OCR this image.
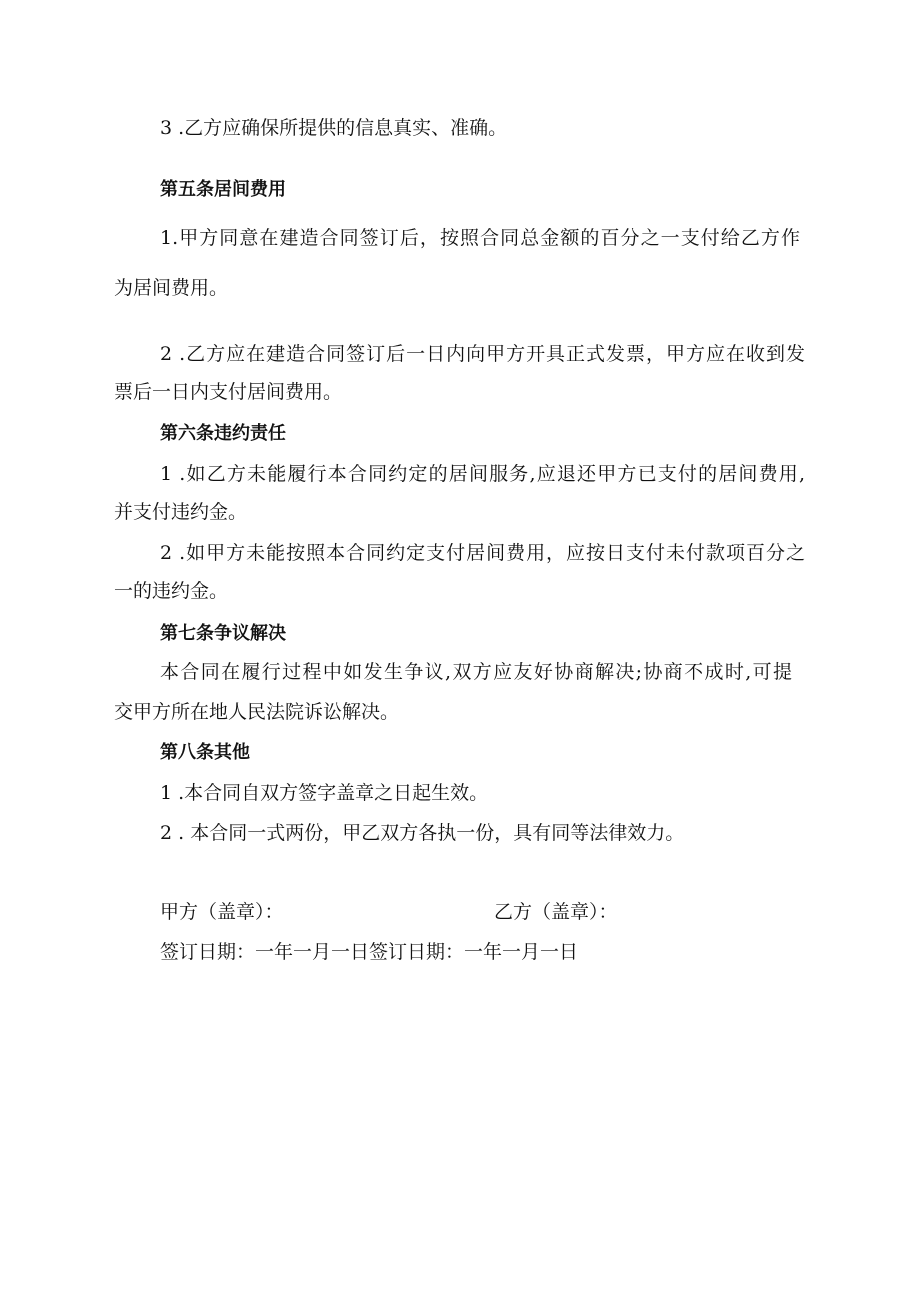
3 .乙方应确保所提供的信息真实、准确。
第五条居间费用
1.甲方同意在建造合同签订后，按照合同总金额的百分之一支付给乙方作
为居间费用。
2 .乙方应在建造合同签订后一日内向甲方开具正式发票，甲方应在收到发
票后一日内支付居间费用。
第六条违约责任
1 .如乙方未能履行本合同约定的居间服务,应退还甲方已支付的居间费用,
并支付违约金。
2 .如甲方未能按照本合同约定支付居间费用，应按日支付未付款项百分之
一的违约金。
第七条争议解决
本合同在履行过程中如发生争议,双方应友好协商解决;协商不成时,可提
交甲方所在地人民法院诉讼解决。
第八条其他
1 .本合同自双方签字盖章之日起生效。
2 . 本合同一式两份，甲乙双方各执一份，具有同等法律效力。
甲方（盖章）：	乙方（盖章）：
签订日期：一年一月一日签订日期：一年一月一日
